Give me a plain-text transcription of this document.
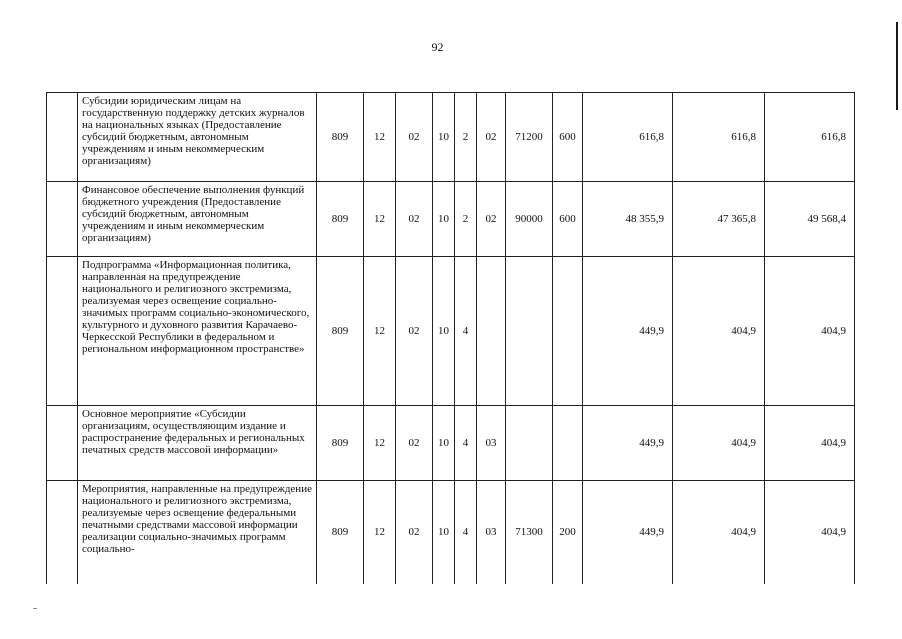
92
	Субсидии юридическим лицам на государственную поддержку детских журналов на национальных языках (Предоставление субсидий бюджетным, автономным учреждениям и иным некоммерческим организациям)	809	12	02	10	2	02	71200	600	616,8	616,8	616,8
	Финансовое обеспечение выполнения функций бюджетного учреждения (Предоставление субсидий бюджетным, автономным учреждениям и иным некоммерческим организациям)	809	12	02	10	2	02	90000	600	48 355,9	47 365,8	49 568,4
	Подпрограмма «Информационная политика, направленная на предупреждение национального и религиозного экстремизма, реализуемая через освещение социально-значимых программ социально-экономического, культурного и духовного развития Карачаево-Черкесской Республики в федеральном и региональном информационном пространстве»	809	12	02	10	4				449,9	404,9	404,9
	Основное мероприятие «Субсидии организациям, осуществляющим издание и распространение федеральных и региональных печатных средств массовой информации»	809	12	02	10	4	03			449,9	404,9	404,9
	Мероприятия, направленные на предупреждение национального и религиозного экстремизма, реализуемые через освещение федеральными печатными средствами массовой информации реализации социально-значимых программ социально-	809	12	02	10	4	03	71300	200	449,9	404,9	404,9
